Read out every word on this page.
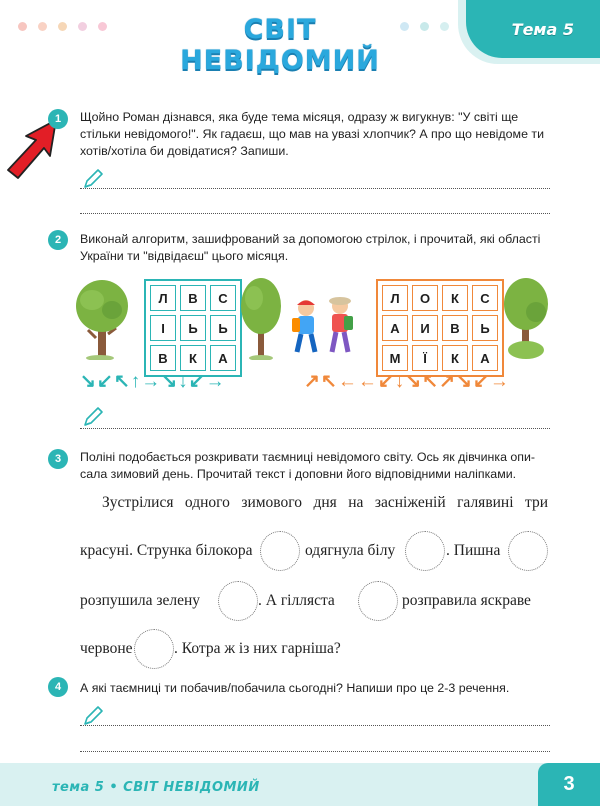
СВІТ НЕВІДОМИЙ
Тема 5
1	Щойно Роман дізнався, яка буде тема місяця, одразу ж вигукнув: "У світі ще
стільки невідомого!". Як гадаєш, що мав на увазі хлопчик? А про що невідоме ти
хотів/хотіла би довідатися? Запиши.
2	Виконай алгоритм, зашифрований за допомогою стрілок, і прочитай, які області
України ти "відвідаєш" цього місяця.
Л	В	С
І	Ь	Ь
В	К	А
Л	О	К	С
А	И	В	Ь
М	Ї	К	А
↘↙↖↑→↘↓↙→	↗↖←←↙↓↘↖↗↘↙→
3	Поліні подобається розкривати таємниці невідомого світу. Ось як дівчинка опи-
сала зимовий день. Прочитай текст і доповни його відповідними наліпками.
Зустрілися одного зимового дня на засніженій галявині три
красуні. Струнка білокора	одягнула білу	. Пишна
розпушила зелену	. А гілляста	розправила яскраве
червоне	. Котра ж із них гарніша?
4	А які таємниці ти побачив/побачила сьогодні? Напиши про це 2-3 речення.
тема 5 • СВІТ НЕВІДОМИЙ	3
